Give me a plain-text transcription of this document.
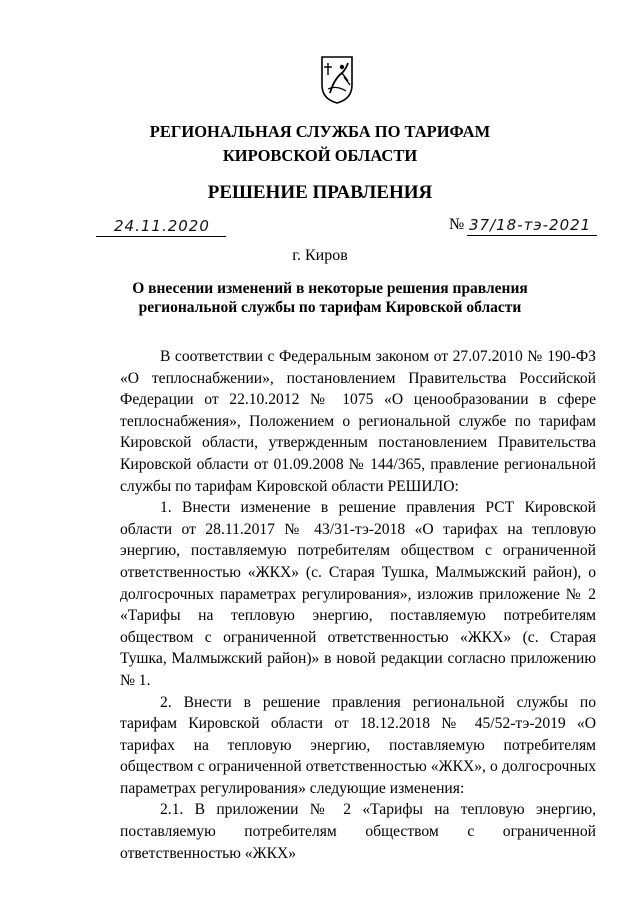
РЕГИОНАЛЬНАЯ СЛУЖБА ПО ТАРИФАМ
КИРОВСКОЙ ОБЛАСТИ
РЕШЕНИЕ ПРАВЛЕНИЯ
24.11.2020	№ 37/18-тэ-2021
г. Киров
О внесении изменений в некоторые решения правления
региональной службы по тарифам Кировской области

В соответствии с Федеральным законом от 27.07.2010 № 190-ФЗ «О теплоснабжении», постановлением Правительства Российской Федерации от 22.10.2012 № 1075 «О ценообразовании в сфере теплоснабжения», Положением о региональной службе по тарифам Кировской области, утвержденным постановлением Правительства Кировской области от 01.09.2008 № 144/365, правление региональной службы по тарифам Кировской области РЕШИЛО:

1. Внести изменение в решение правления РСТ Кировской области от 28.11.2017 № 43/31-тэ-2018 «О тарифах на тепловую энергию, поставляемую потребителям обществом с ограниченной ответственностью «ЖКХ» (с. Старая Тушка, Малмыжский район), о долгосрочных параметрах регулирования», изложив приложение № 2 «Тарифы на тепловую энергию, поставляемую потребителям обществом с ограниченной ответственностью «ЖКХ» (с. Старая Тушка, Малмыжский район)» в новой редакции согласно приложению № 1.

2. Внести в решение правления региональной службы по тарифам Кировской области от 18.12.2018 № 45/52-тэ-2019 «О тарифах на тепловую энергию, поставляемую потребителям обществом с ограниченной ответственностью «ЖКХ», о долгосрочных параметрах регулирования» следующие изменения:

2.1. В приложении № 2 «Тарифы на тепловую энергию, поставляемую потребителям обществом с ограниченной ответственностью «ЖКХ»
